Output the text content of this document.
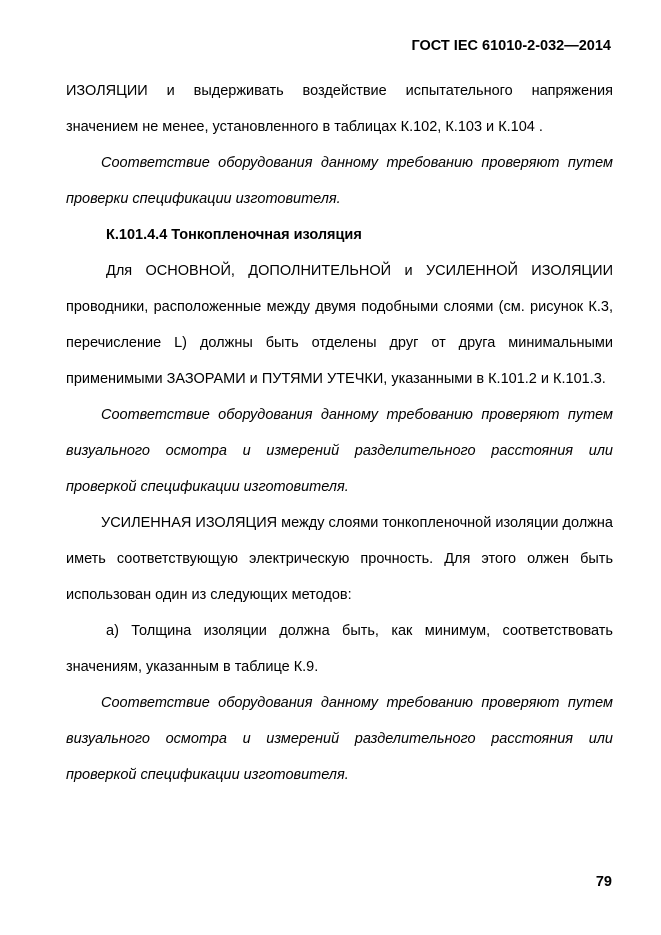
ГОСТ IEC 61010-2-032—2014

ИЗОЛЯЦИИ и выдерживать воздействие испытательного напряжения значением не менее, установленного в таблицах К.102, К.103 и К.104 .

Соответствие оборудования данному требованию проверяют путем проверки спецификации изготовителя.

К.101.4.4 Тонкопленочная изоляция

Для ОСНОВНОЙ, ДОПОЛНИТЕЛЬНОЙ и УСИЛЕННОЙ ИЗОЛЯЦИИ проводники, расположенные между двумя подобными слоями (см. рисунок К.3, перечисление L) должны быть отделены друг от друга минимальными применимыми ЗАЗОРАМИ и ПУТЯМИ УТЕЧКИ, указанными в К.101.2 и К.101.3.

Соответствие оборудования данному требованию проверяют путем визуального осмотра и измерений разделительного расстояния или проверкой спецификации изготовителя.

УСИЛЕННАЯ ИЗОЛЯЦИЯ между слоями тонкопленочной изоляции должна иметь соответствующую электрическую прочность. Для этого олжен быть использован один из следующих методов:

а) Толщина изоляции должна быть, как минимум, соответствовать значениям, указанным в таблице К.9.

Соответствие оборудования данному требованию проверяют путем визуального осмотра и измерений разделительного расстояния или проверкой спецификации изготовителя.

79
